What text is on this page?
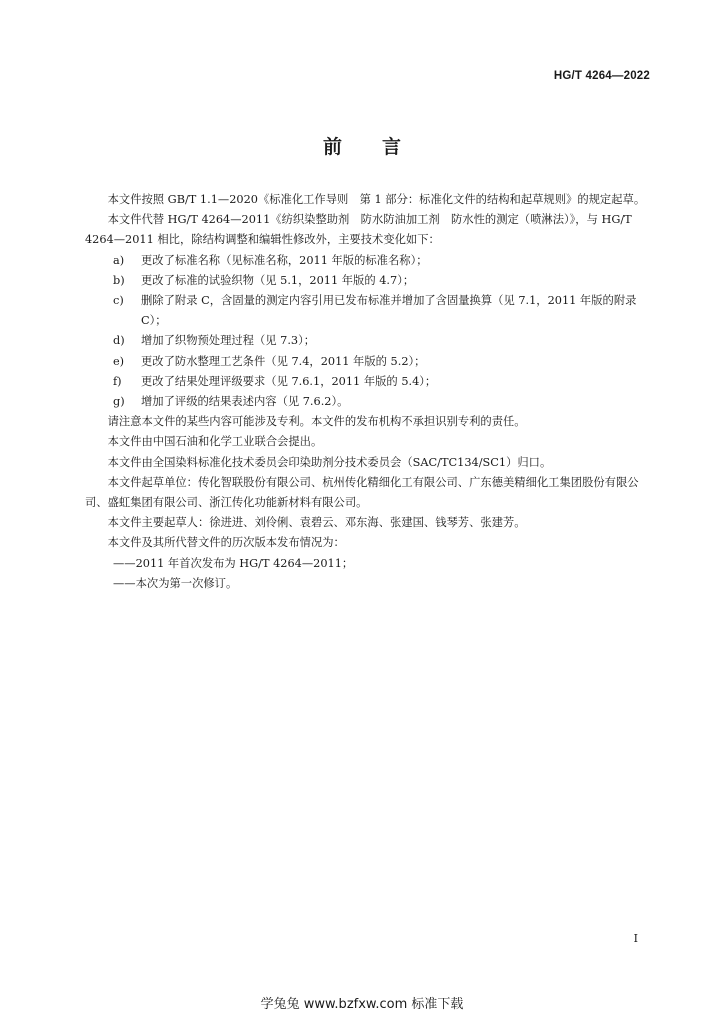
HG/T 4264—2022
前 言

本文件按照 GB/T 1.1—2020《标准化工作导则　第 1 部分：标准化文件的结构和起草规则》的规定起草。

本文件代替 HG/T 4264—2011《纺织染整助剂　防水防油加工剂　防水性的测定（喷淋法）》，与 HG/T 4264—2011 相比，除结构调整和编辑性修改外，主要技术变化如下：

a) 更改了标准名称（见标准名称，2011 年版的标准名称）；

b) 更改了标准的试验织物（见 5.1，2011 年版的 4.7）；

c) 删除了附录 C，含固量的测定内容引用已发布标准并增加了含固量换算（见 7.1，2011 年版的附录 C）；

d) 增加了织物预处理过程（见 7.3）；

e) 更改了防水整理工艺条件（见 7.4，2011 年版的 5.2）；

f) 更改了结果处理评级要求（见 7.6.1，2011 年版的 5.4）；

g) 增加了评级的结果表述内容（见 7.6.2）。

请注意本文件的某些内容可能涉及专利。本文件的发布机构不承担识别专利的责任。

本文件由中国石油和化学工业联合会提出。

本文件由全国染料标准化技术委员会印染助剂分技术委员会（SAC/TC134/SC1）归口。

本文件起草单位：传化智联股份有限公司、杭州传化精细化工有限公司、广东德美精细化工集团股份有限公司、盛虹集团有限公司、浙江传化功能新材料有限公司。

本文件主要起草人：徐进进、刘伶俐、袁碧云、邓东海、张建国、钱琴芳、张建芳。

本文件及其所代替文件的历次版本发布情况为：

——2011 年首次发布为 HG/T 4264—2011；

——本次为第一次修订。

I
学兔兔 www.bzfxw.com 标准下载
